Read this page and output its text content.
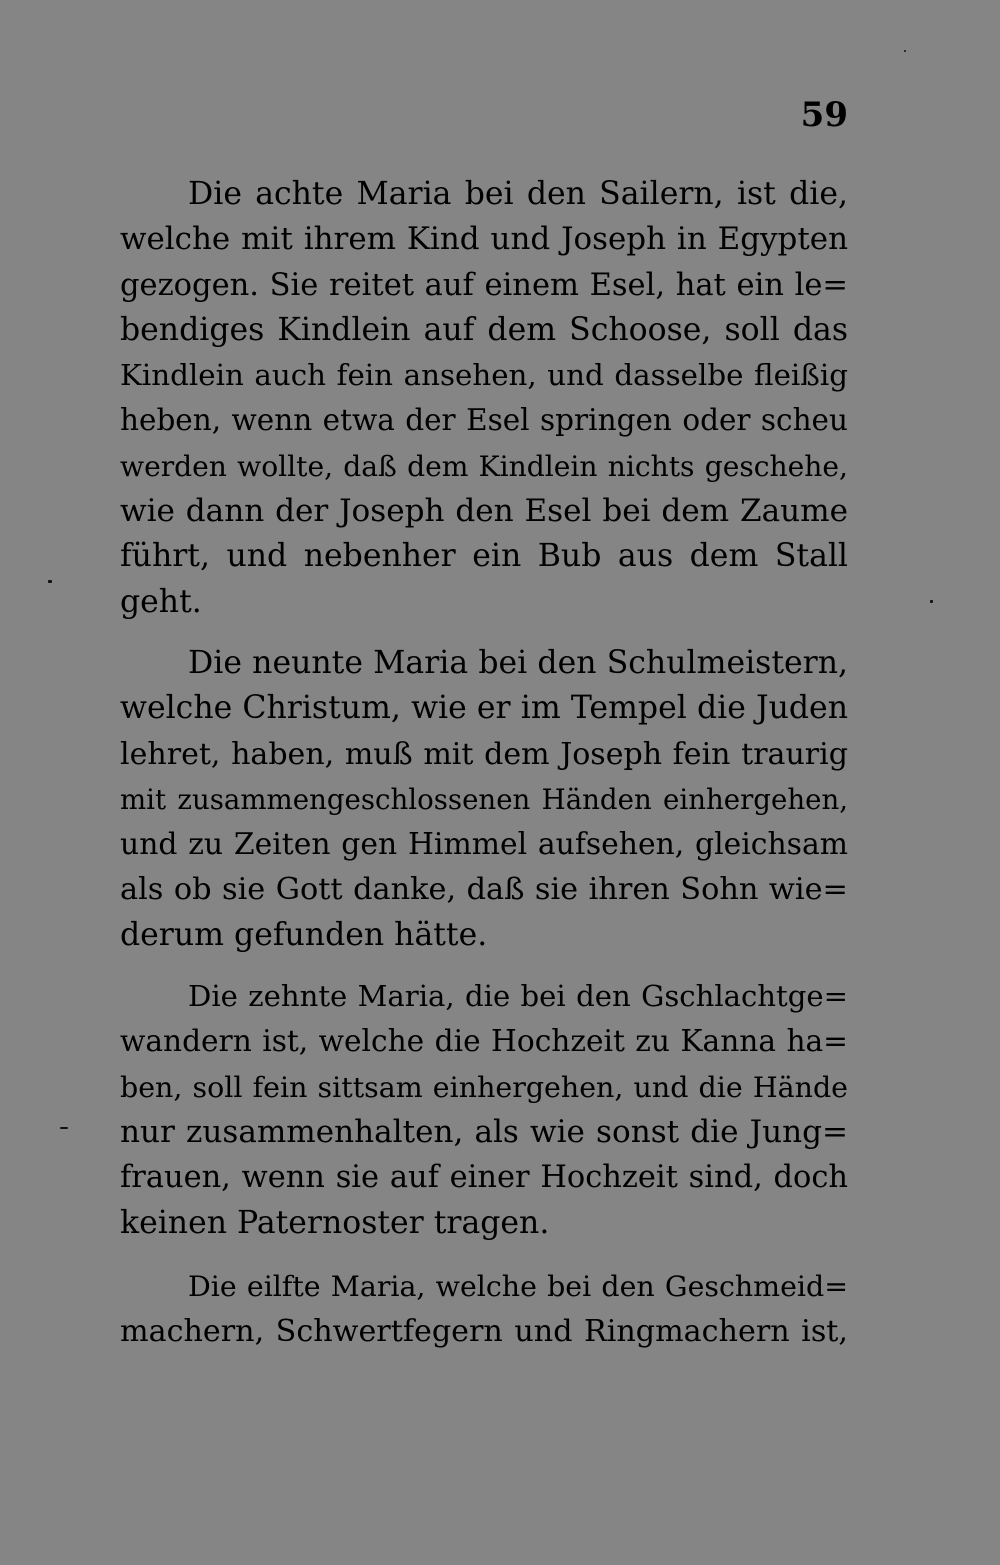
59

Die achte Maria bei den Sailern, ist die,
welche mit ihrem Kind und Joseph in Egypten
gezogen. Sie reitet auf einem Esel, hat ein le=
bendiges Kindlein auf dem Schoose, soll das
Kindlein auch fein ansehen, und dasselbe fleißig
heben, wenn etwa der Esel springen oder scheu
werden wollte, daß dem Kindlein nichts geschehe,
wie dann der Joseph den Esel bei dem Zaume
führt, und nebenher ein Bub aus dem Stall
geht.

Die neunte Maria bei den Schulmeistern,
welche Christum, wie er im Tempel die Juden
lehret, haben, muß mit dem Joseph fein traurig
mit zusammengeschlossenen Händen einhergehen,
und zu Zeiten gen Himmel aufsehen, gleichsam
als ob sie Gott danke, daß sie ihren Sohn wie=
derum gefunden hätte.

Die zehnte Maria, die bei den Gschlachtge=
wandern ist, welche die Hochzeit zu Kanna ha=
ben, soll fein sittsam einhergehen, und die Hände
nur zusammenhalten, als wie sonst die Jung=
frauen, wenn sie auf einer Hochzeit sind, doch
keinen Paternoster tragen.

Die eilfte Maria, welche bei den Geschmeid=
machern, Schwertfegern und Ringmachern ist,
